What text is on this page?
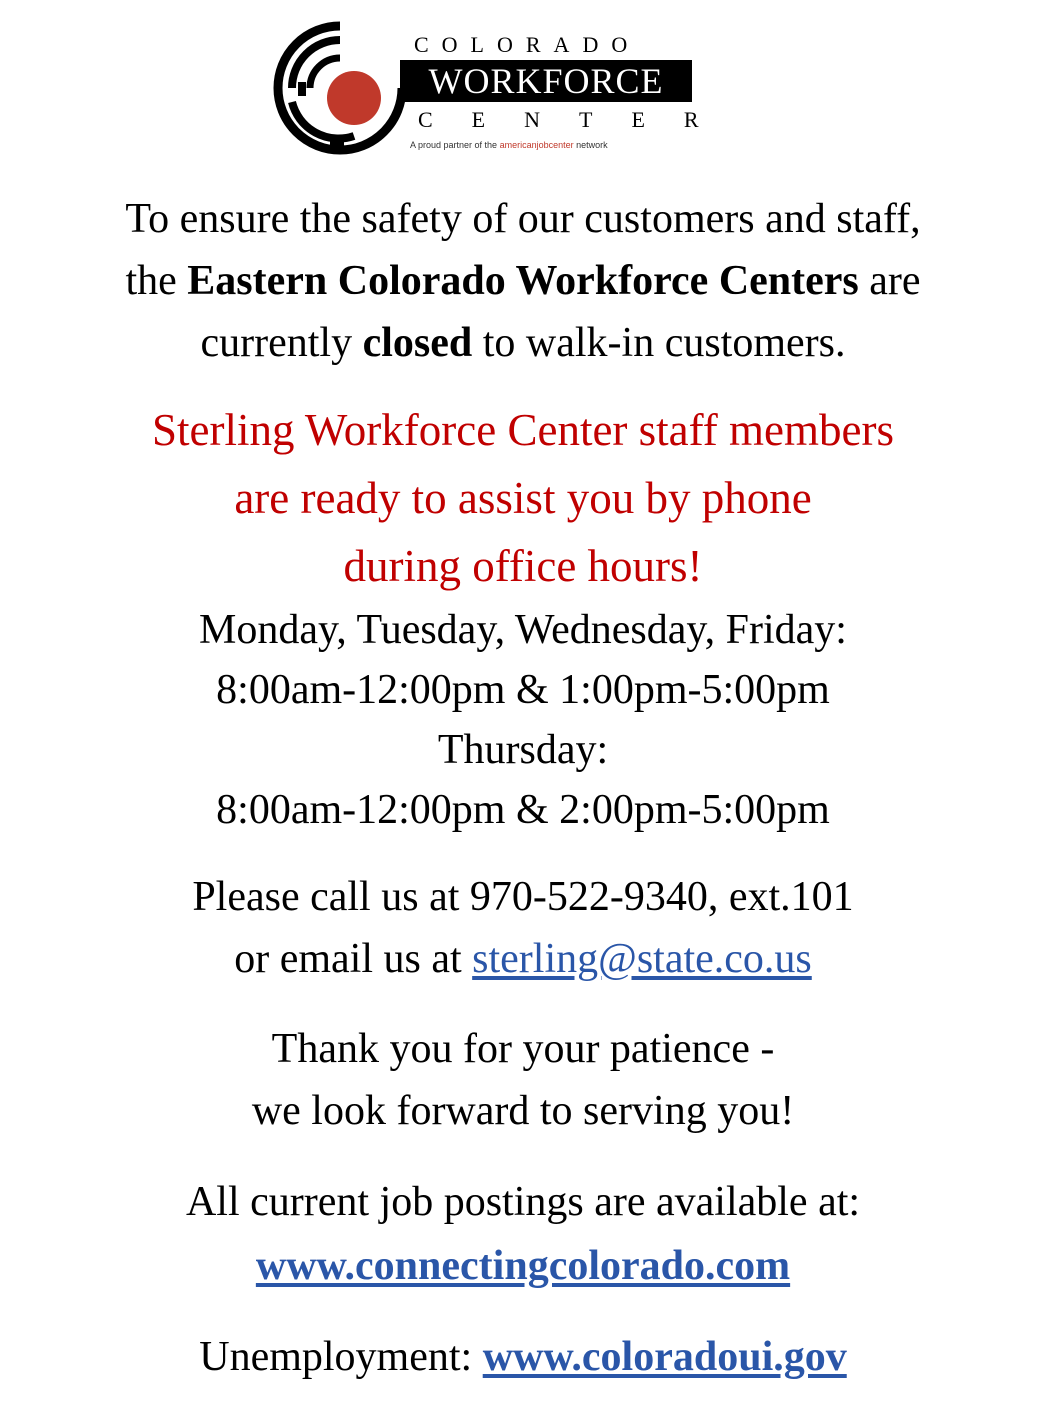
COLORADO
WORKFORCE
CENTER
A proud partner of the americanjobcenter network
To ensure the safety of our customers and staff,
the Eastern Colorado Workforce Centers are
currently closed to walk-in customers.
Sterling Workforce Center staff members
are ready to assist you by phone
during office hours!
Monday, Tuesday, Wednesday, Friday:
8:00am-12:00pm & 1:00pm-5:00pm
Thursday:
8:00am-12:00pm & 2:00pm-5:00pm
Please call us at 970-522-9340, ext.101
or email us at sterling@state.co.us
Thank you for your patience -
we look forward to serving you!
All current job postings are available at:
www.connectingcolorado.com
Unemployment: www.coloradoui.gov
